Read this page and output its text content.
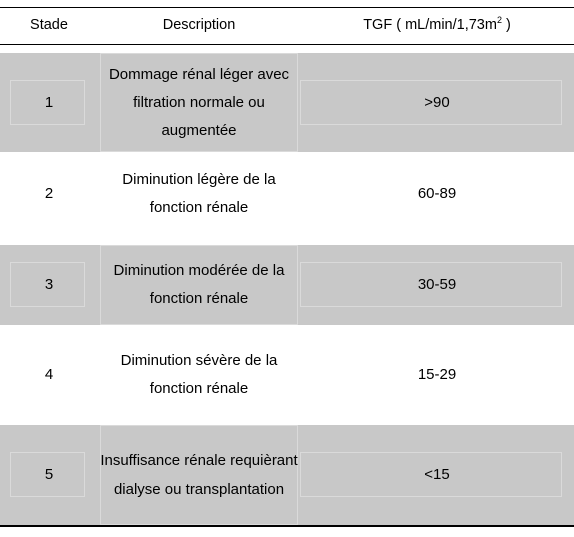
Stade	Description	TGF ( $mL/\min/1,73m^2$ )
1
Dommage rénal léger avec filtration normale ou augmentée
>90
2
Diminution légère de la fonction rénale
60-89
3
Diminution modérée de la fonction rénale
30-59
4
Diminution sévère de la fonction rénale
15-29
5
Insuffisance rénale requièrant dialyse ou transplantation
<15
